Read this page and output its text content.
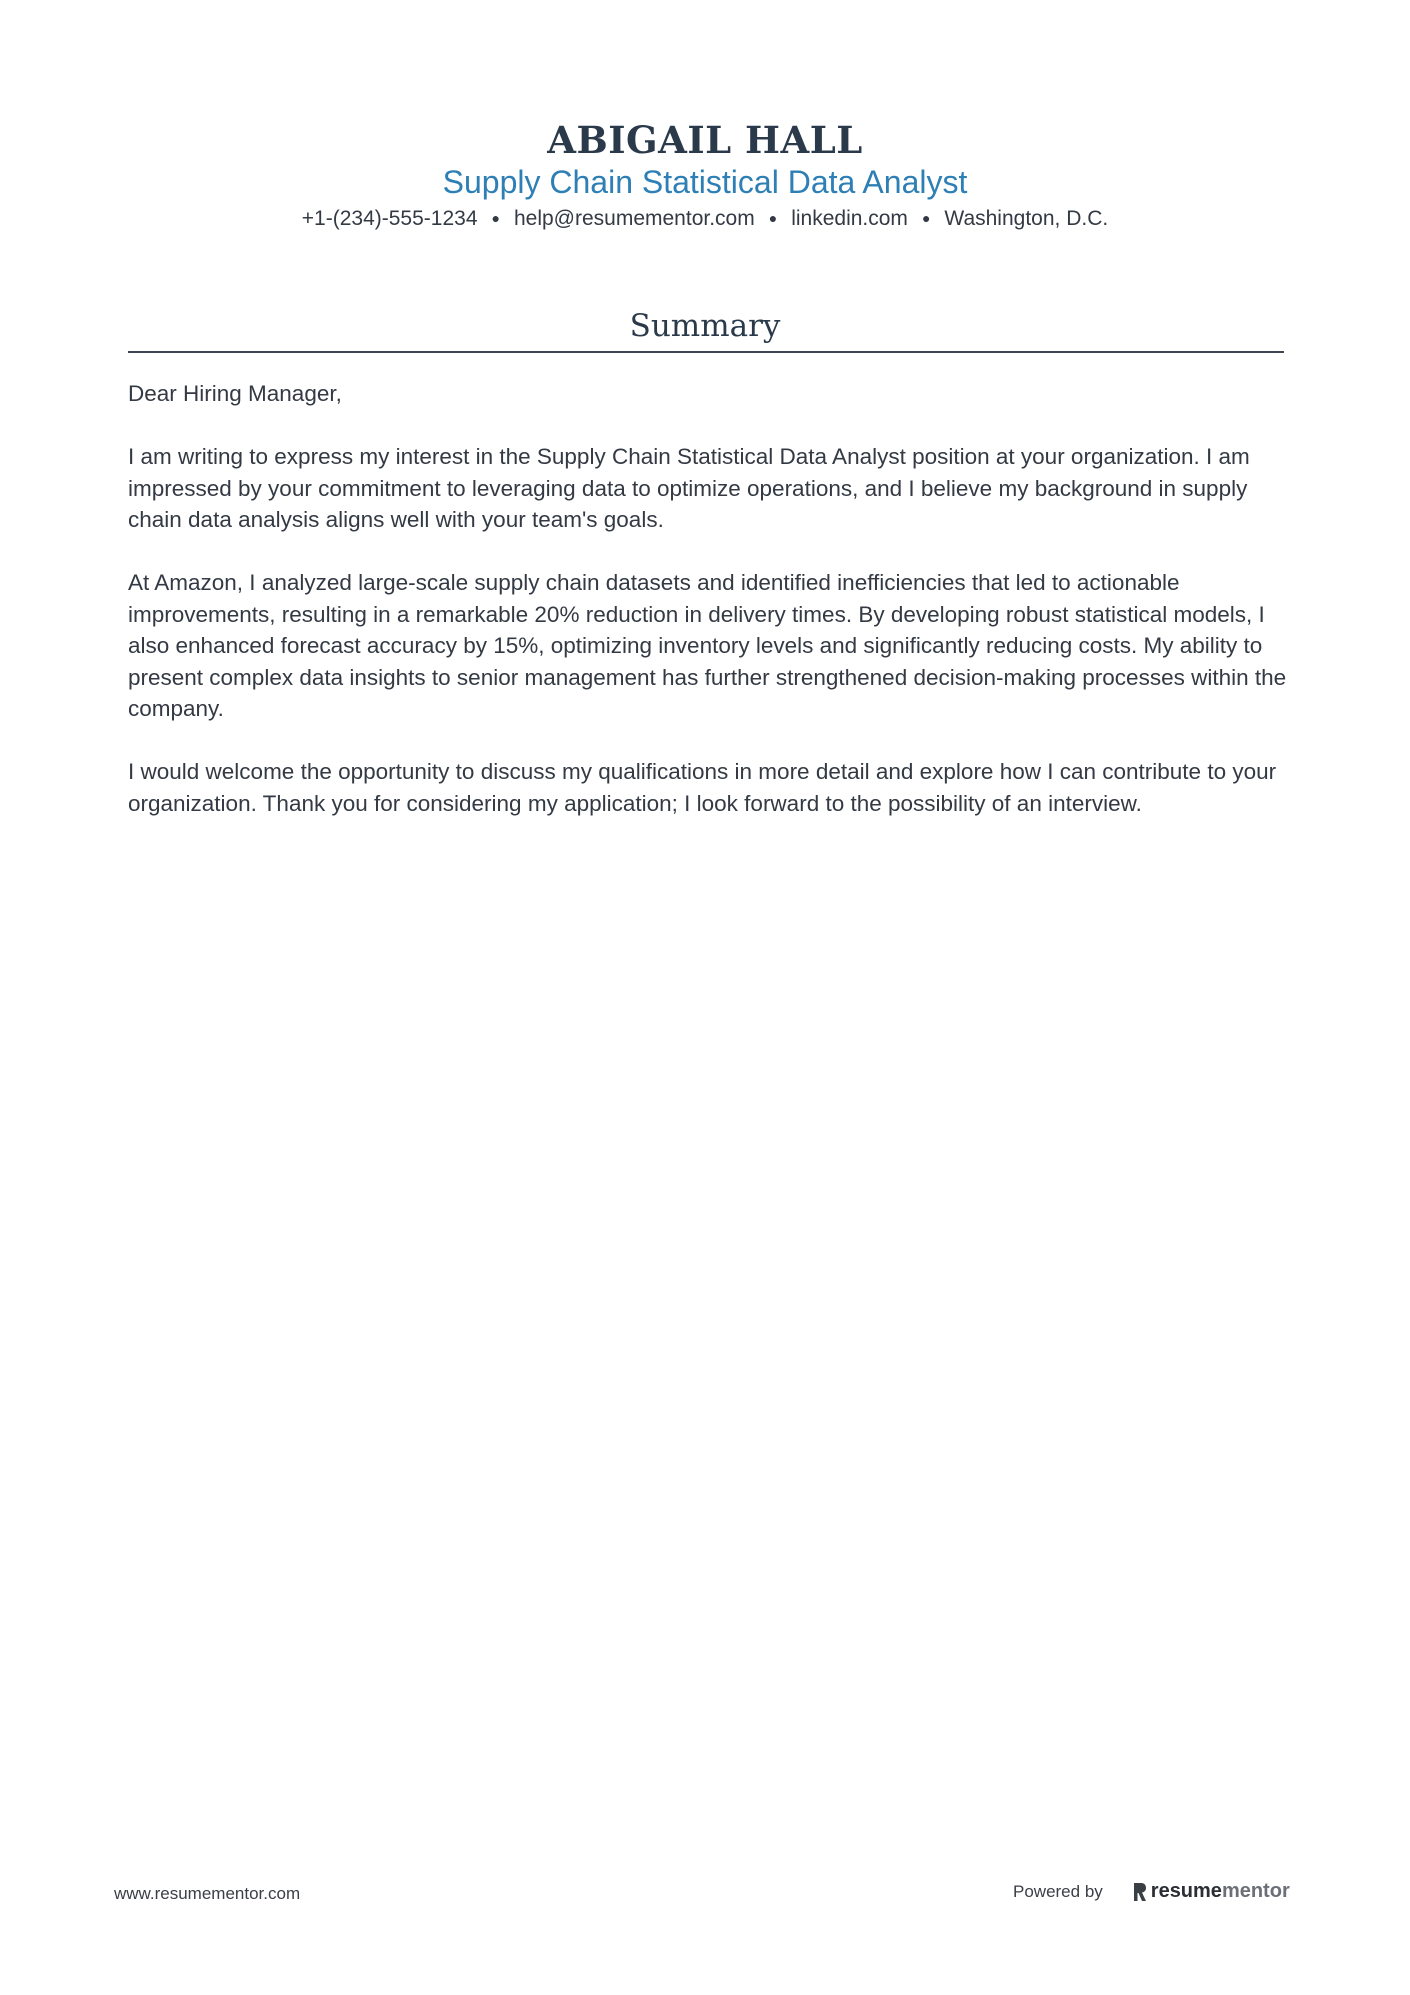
ABIGAIL HALL
Supply Chain Statistical Data Analyst
+1-(234)-555-1234 ● help@resumementor.com ● linkedin.com ● Washington, D.C.
Summary

Dear Hiring Manager,

I am writing to express my interest in the Supply Chain Statistical Data Analyst position at your organization. I am impressed by your commitment to leveraging data to optimize operations, and I believe my background in supply chain data analysis aligns well with your team's goals.

At Amazon, I analyzed large-scale supply chain datasets and identified inefficiencies that led to actionable improvements, resulting in a remarkable 20% reduction in delivery times. By developing robust statistical models, I also enhanced forecast accuracy by 15%, optimizing inventory levels and significantly reducing costs. My ability to present complex data insights to senior management has further strengthened decision-making processes within the company.

I would welcome the opportunity to discuss my qualifications in more detail and explore how I can contribute to your organization. Thank you for considering my application; I look forward to the possibility of an interview.

www.resumementor.com	Powered by resume mentor
